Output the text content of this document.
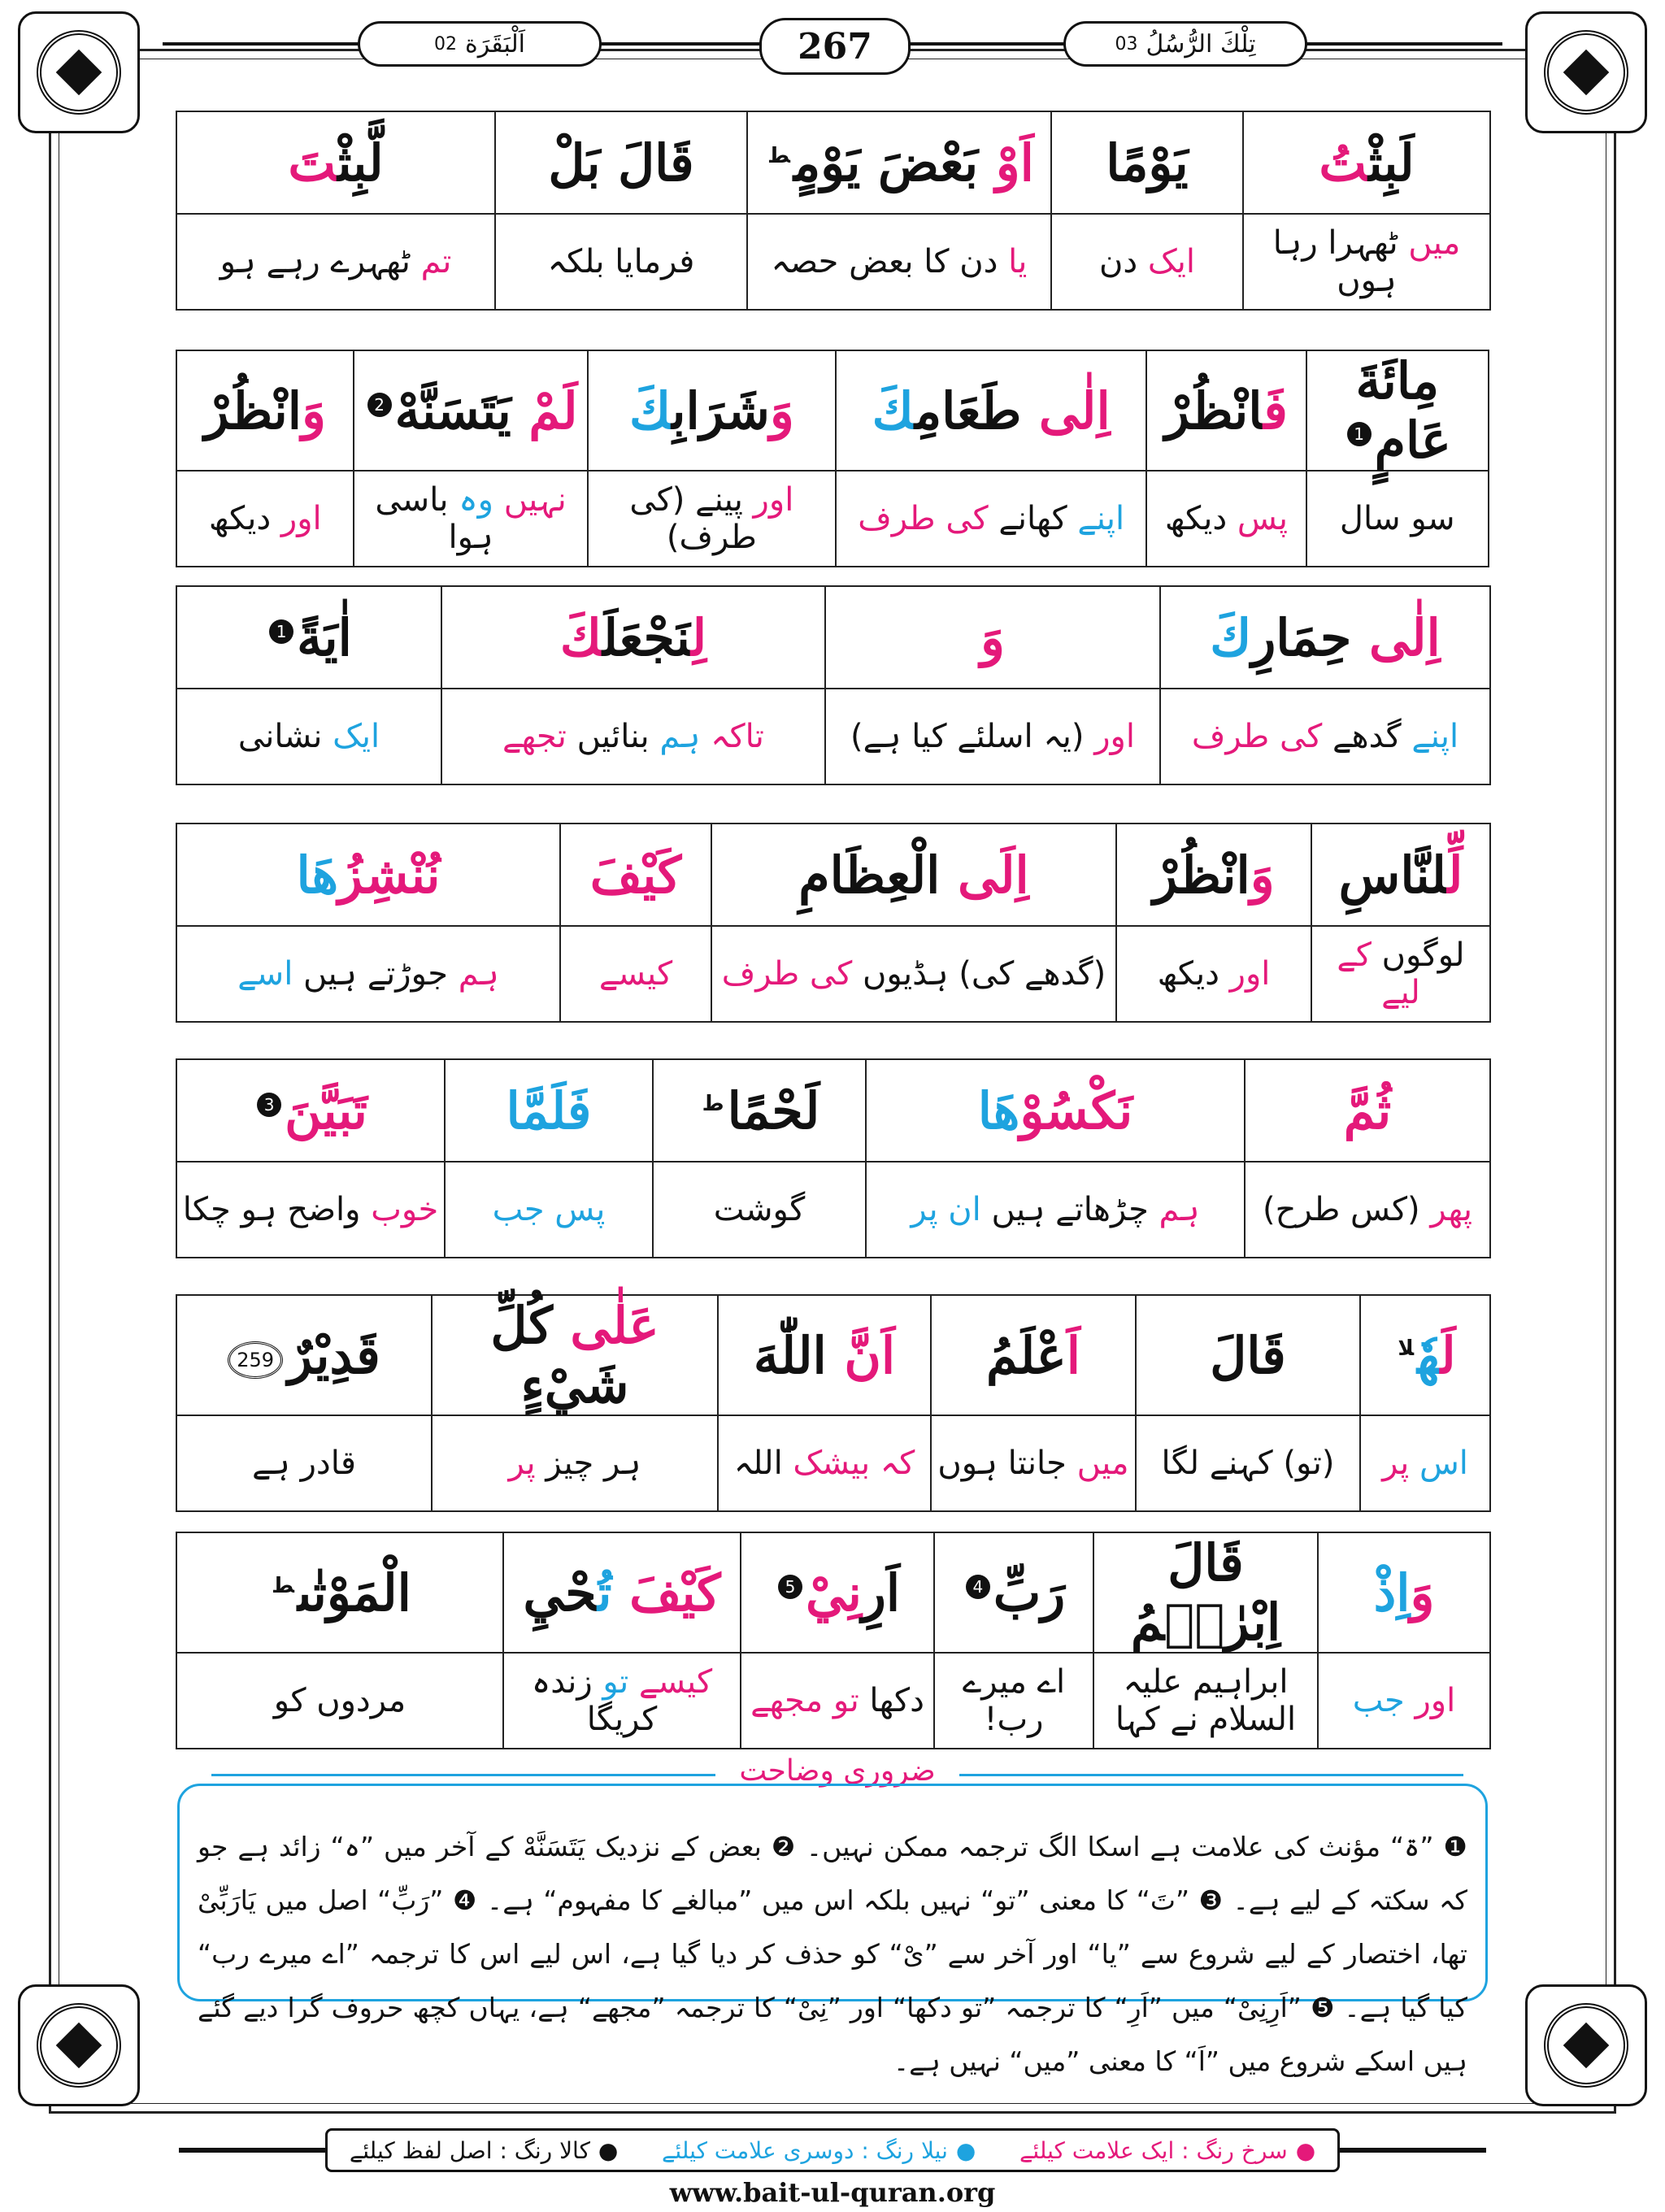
اَلْبَقَرَة
02	267	تِلْكَ الرُّسُلُ
03
لَبِثْتُ	یَوْمًا	اَوْ بَعْضَ یَوْمٍ$^ط$	قَالَ بَلْ	لَّبِثْتَ
میں ٹھہرا رہا ہوں	ایک دن	یا دن کا بعض حصہ	فرمایا بلکہ	تم ٹھہرے رہے ہو
مِائَةَ عَامٍ1	فَانْظُرْ	اِلٰى طَعَامِكَ	وَشَرَابِكَ	لَمْ يَتَسَنَّهْ2	وَانْظُرْ
سو سال	پس دیکھ	اپنے کھانے کی طرف	اور پینے (کی طرف)	نہیں وہ باسی ہوا	اور دیکھ
اِلٰى حِمَارِكَ	وَ	لِنَجْعَلَكَ	اٰيَةً1
اپنے گدھے کی طرف	اور (یہ اسلئے کیا ہے)	تاکہ ہم بنائیں تجھے	ایک نشانی
لِّلنَّاسِ	وَانْظُرْ	اِلَى الْعِظَامِ	كَيْفَ	نُنْشِزُهَا
لوگوں کے لیے	اور دیکھ	(گدھے کی) ہڈیوں کی طرف	کیسے	ہم جوڑتے ہیں اسے
ثُمَّ	نَكْسُوْهَا	لَحْمًا$^ط$	فَلَمَّا	تَبَيَّنَ3
پھر (کس طرح)	ہم چڑھاتے ہیں ان پر	گوشت	پس جب	خوب واضح ہو چکا
لَهٗ$^{لا}$	قَالَ	اَعْلَمُ	اَنَّ اللّٰهَ	عَلٰى كُلِّ شَيْءٍ	قَدِيْرٌ259
اس پر	(تو) کہنے لگا	میں جانتا ہوں	کہ بیشک اللہ	ہر چیز پر	قادر ہے
وَاِذْ	قَالَ اِبْرٰهٖمُ	رَبِّ4	اَرِنِيْ5	كَيْفَ تُحْيِ	الْمَوْتٰى$^ط$
اور جب	ابراہیم علیہ السلام نے کہا	اے میرے رب!	دکھا تو مجھے	کیسے تو زندہ کریگا	مردوں کو
ضروری وضاحت
❶ ”ۃ“ مؤنث کی علامت ہے اسکا الگ ترجمہ ممکن نہیں۔ ❷ بعض کے نزدیک يَتَسَنَّهْ کے آخر میں ”ہ“ زائد ہے جو کہ سکتہ کے لیے ہے۔ ❸ ”تَ“ کا معنی ”تو“ نہیں بلکہ اس میں ”مبالغے کا مفہوم“ ہے۔ ❹ ”رَبِّ“ اصل میں یَارَبِّیْ تھا، اختصار کے لیے شروع سے ”یا“ اور آخر سے ”یْ“ کو حذف کر دیا گیا ہے، اس لیے اس کا ترجمہ ”اے میرے رب“ کیا گیا ہے۔ ❺ ”اَرِنِیْ“ میں ”اَرِ“ کا ترجمہ ”تو دکھا“ اور ”نِیْ“ کا ترجمہ ”مجھے“ ہے، یہاں کچھ حروف گرا دیے گئے ہیں اسکے شروع میں ”اَ“ کا معنی ”میں“ نہیں ہے۔
●سرخ رنگ : ایک علامت کیلئے
●نیلا رنگ : دوسری علامت کیلئے
●کالا رنگ : اصل لفظ کیلئے
www.bait-ul-quran.org
